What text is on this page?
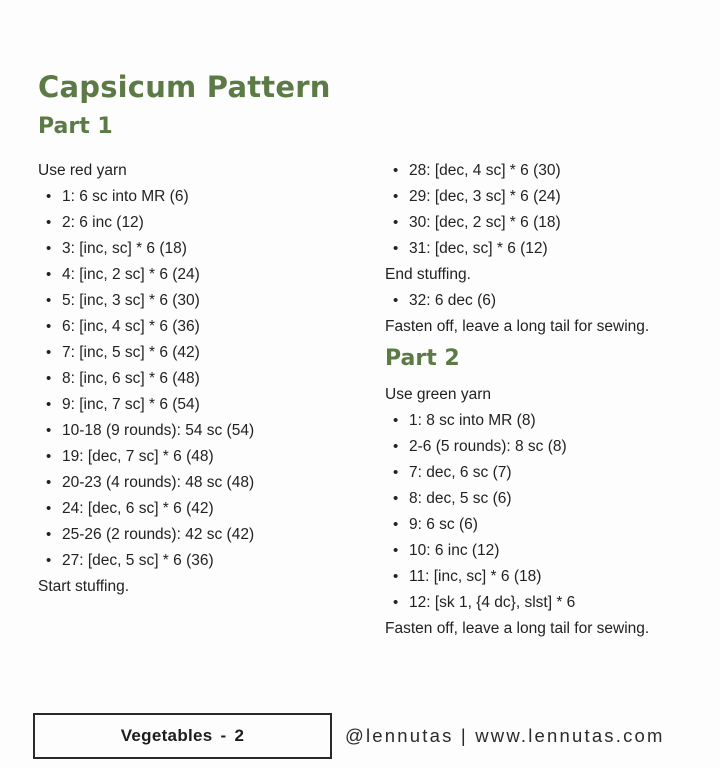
Capsicum Pattern
Part 1
Use red yarn
• 1: 6 sc into MR (6)
• 2: 6 inc (12)
• 3: [inc, sc] * 6 (18)
• 4: [inc, 2 sc] * 6 (24)
• 5: [inc, 3 sc] * 6 (30)
• 6: [inc, 4 sc] * 6 (36)
• 7: [inc, 5 sc] * 6 (42)
• 8: [inc, 6 sc] * 6 (48)
• 9: [inc, 7 sc] * 6 (54)
• 10-18 (9 rounds): 54 sc (54)
• 19: [dec, 7 sc] * 6 (48)
• 20-23 (4 rounds): 48 sc (48)
• 24: [dec, 6 sc] * 6 (42)
• 25-26 (2 rounds): 42 sc (42)
• 27: [dec, 5 sc] * 6 (36)
Start stuffing.
• 28: [dec, 4 sc] * 6 (30)
• 29: [dec, 3 sc] * 6 (24)
• 30: [dec, 2 sc] * 6 (18)
• 31: [dec, sc] * 6 (12)
End stuffing.
• 32: 6 dec (6)
Fasten off, leave a long tail for sewing.
Part 2
Use green yarn
• 1: 8 sc into MR (8)
• 2-6 (5 rounds): 8 sc (8)
• 7: dec, 6 sc (7)
• 8: dec, 5 sc (6)
• 9: 6 sc (6)
• 10: 6 inc (12)
• 11: [inc, sc] * 6 (18)
• 12: [sk 1, {4 dc}, slst] * 6
Fasten off, leave a long tail for sewing.
Vegetables - 2	@lennutas | www.lennutas.com
